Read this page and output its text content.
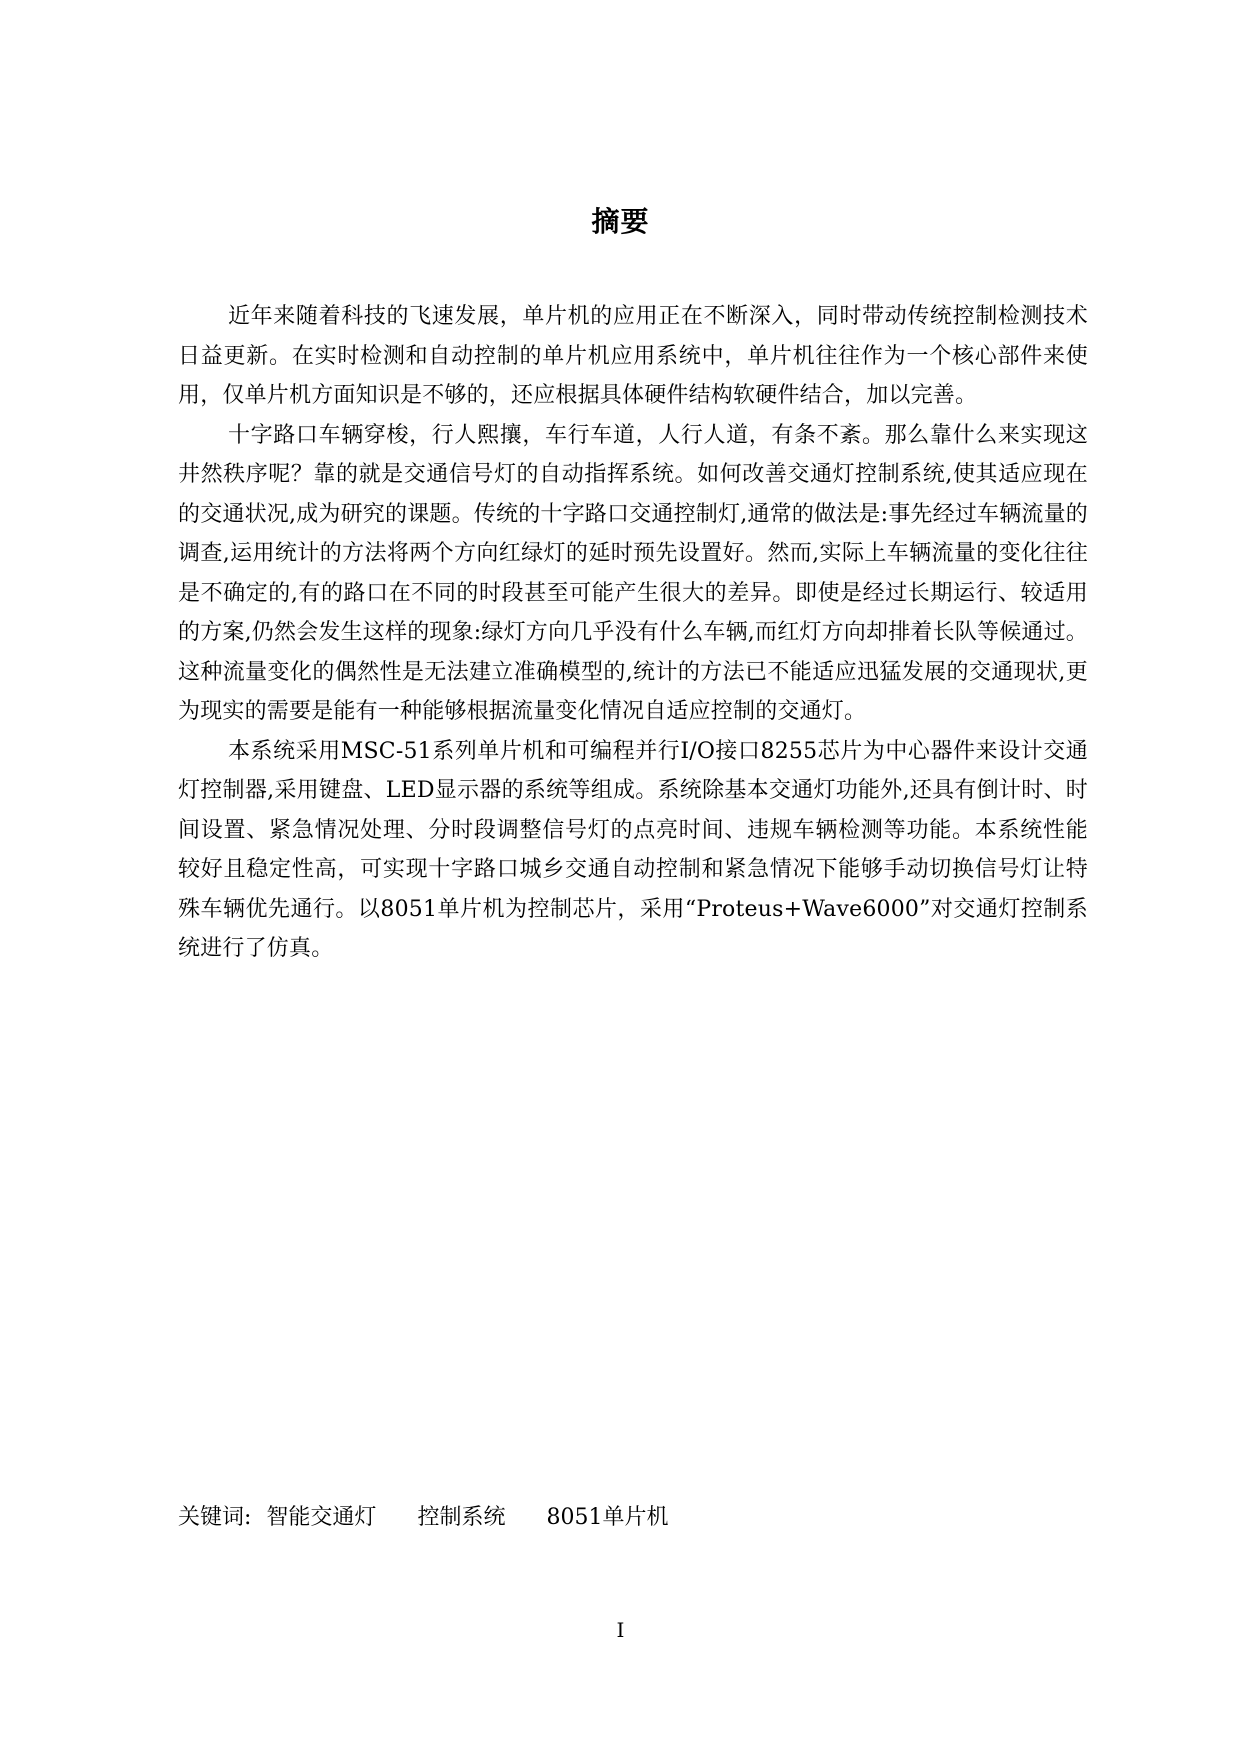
摘要

近年来随着科技的飞速发展，单片机的应用正在不断深入，同时带动传统控制检测技术日益更新。在实时检测和自动控制的单片机应用系统中，单片机往往作为一个核心部件来使用，仅单片机方面知识是不够的，还应根据具体硬件结构软硬件结合，加以完善。

十字路口车辆穿梭，行人熙攘，车行车道，人行人道，有条不紊。那么靠什么来实现这井然秩序呢？靠的就是交通信号灯的自动指挥系统。如何改善交通灯控制系统,使其适应现在的交通状况,成为研究的课题。传统的十字路口交通控制灯,通常的做法是:事先经过车辆流量的调查,运用统计的方法将两个方向红绿灯的延时预先设置好。然而,实际上车辆流量的变化往往是不确定的,有的路口在不同的时段甚至可能产生很大的差异。即使是经过长期运行、较适用的方案,仍然会发生这样的现象:绿灯方向几乎没有什么车辆,而红灯方向却排着长队等候通过。这种流量变化的偶然性是无法建立准确模型的,统计的方法已不能适应迅猛发展的交通现状,更为现实的需要是能有一种能够根据流量变化情况自适应控制的交通灯。

本系统采用MSC-51系列单片机和可编程并行I/O接口8255芯片为中心器件来设计交通灯控制器,采用键盘、LED显示器的系统等组成。系统除基本交通灯功能外,还具有倒计时、时间设置、紧急情况处理、分时段调整信号灯的点亮时间、违规车辆检测等功能。本系统性能较好且稳定性高，可实现十字路口城乡交通自动控制和紧急情况下能够手动切换信号灯让特殊车辆优先通行。以8051单片机为控制芯片，采用“Proteus+Wave6000”对交通灯控制系统进行了仿真。

关键词: 智能交通灯 控制系统 8051单片机
I
